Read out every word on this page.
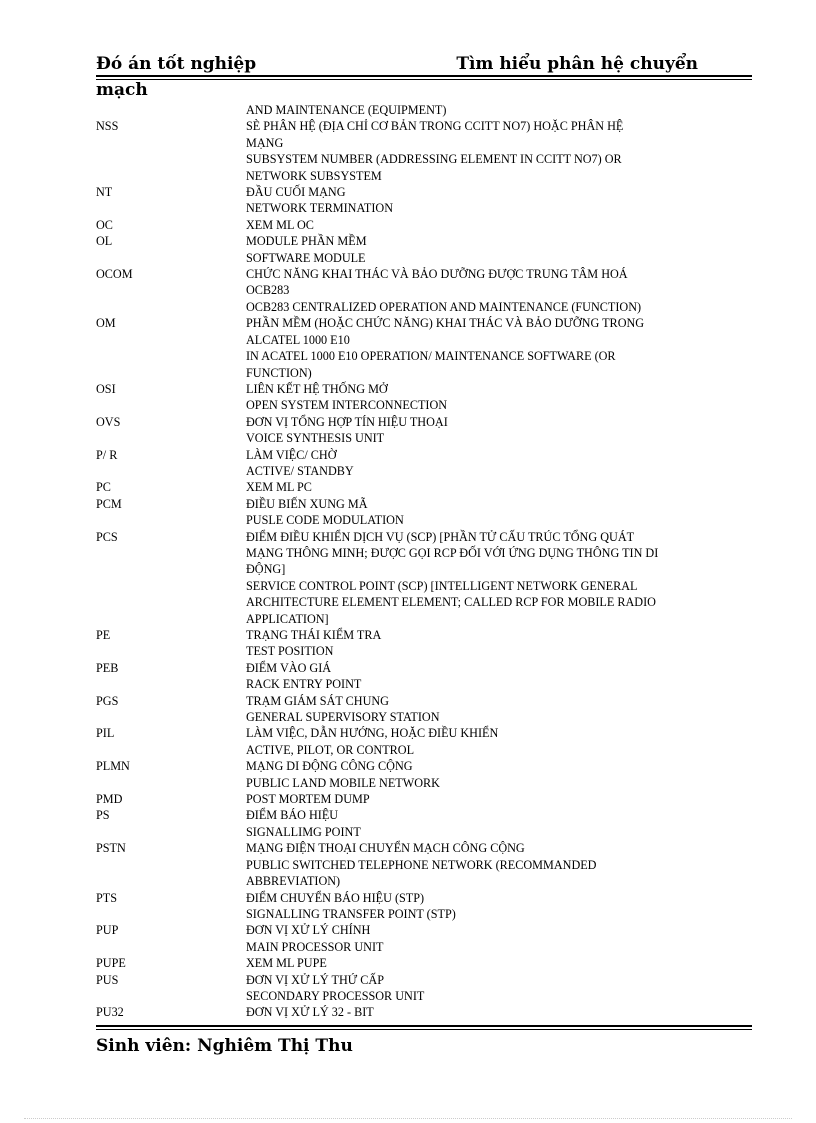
Đó án tốt nghiệp	Tìm hiểu phân hệ chuyển
mạch
AND MAINTENANCE (EQUIPMENT)
NSS	SÈ PHÂN HỆ (ĐỊA CHỈ CƠ BẢN TRONG CCITT NO7) HOẶC PHÂN HỆ
MẠNG
SUBSYSTEM NUMBER (ADDRESSING ELEMENT IN CCITT NO7) OR
NETWORK SUBSYSTEM
NT	ĐẦU CUỐI MẠNG
NETWORK TERMINATION
OC	XEM ML OC
OL	MODULE PHẦN MỀM
SOFTWARE MODULE
OCOM	CHỨC NĂNG KHAI THÁC VÀ BẢO DƯỠNG ĐƯỢC TRUNG TÂM HOÁ
OCB283
OCB283 CENTRALIZED OPERATION AND MAINTENANCE (FUNCTION)
OM	PHẦN MỀM (HOẶC CHỨC NĂNG) KHAI THÁC VÀ BẢO DƯỠNG TRONG
ALCATEL 1000 E10
IN ACATEL 1000 E10 OPERATION/ MAINTENANCE SOFTWARE (OR
FUNCTION)
OSI	LIÊN KẾT HỆ THỐNG MỞ
OPEN SYSTEM INTERCONNECTION
OVS	ĐƠN VỊ TỔNG HỢP TÍN HIỆU THOẠI
VOICE SYNTHESIS UNIT
P/ R	LÀM VIỆC/ CHỜ
ACTIVE/ STANDBY
PC	XEM ML PC
PCM	ĐIỀU BIẾN XUNG MÃ
PUSLE CODE MODULATION
PCS	ĐIỂM ĐIỀU KHIỂN DỊCH VỤ (SCP) [PHẦN TỬ CẤU TRÚC TỔNG QUÁT
MẠNG THÔNG MINH; ĐƯỢC GỌI RCP ĐỐI VỚI ỨNG DỤNG THÔNG TIN DI
ĐỘNG]
SERVICE CONTROL POINT (SCP) [INTELLIGENT NETWORK GENERAL
ARCHITECTURE ELEMENT ELEMENT; CALLED RCP FOR MOBILE RADIO
APPLICATION]
PE	TRẠNG THÁI KIỂM TRA
TEST POSITION
PEB	ĐIỂM VÀO GIÁ
RACK ENTRY POINT
PGS	TRẠM GIÁM SÁT CHUNG
GENERAL SUPERVISORY STATION
PIL	LÀM VIỆC, DẪN HƯỚNG, HOẶC ĐIỀU KHIỂN
ACTIVE, PILOT, OR CONTROL
PLMN	MẠNG DI ĐỘNG CÔNG CỘNG
PUBLIC LAND MOBILE NETWORK
PMD	POST MORTEM DUMP
PS	ĐIỂM BÁO HIỆU
SIGNALLIMG POINT
PSTN	MẠNG ĐIỆN THOẠI CHUYỂN MẠCH CÔNG CỘNG
PUBLIC SWITCHED TELEPHONE NETWORK (RECOMMANDED
ABBREVIATION)
PTS	ĐIỂM CHUYỂN BÁO HIỆU (STP)
SIGNALLING TRANSFER POINT (STP)
PUP	ĐƠN VỊ XỬ LÝ CHÍNH
MAIN PROCESSOR UNIT
PUPE	XEM ML PUPE
PUS	ĐƠN VỊ XỬ LÝ THỨ CẤP
SECONDARY PROCESSOR UNIT
PU32	ĐƠN VỊ XỬ LÝ 32 - BIT
Sinh viên: Nghiêm Thị Thu
